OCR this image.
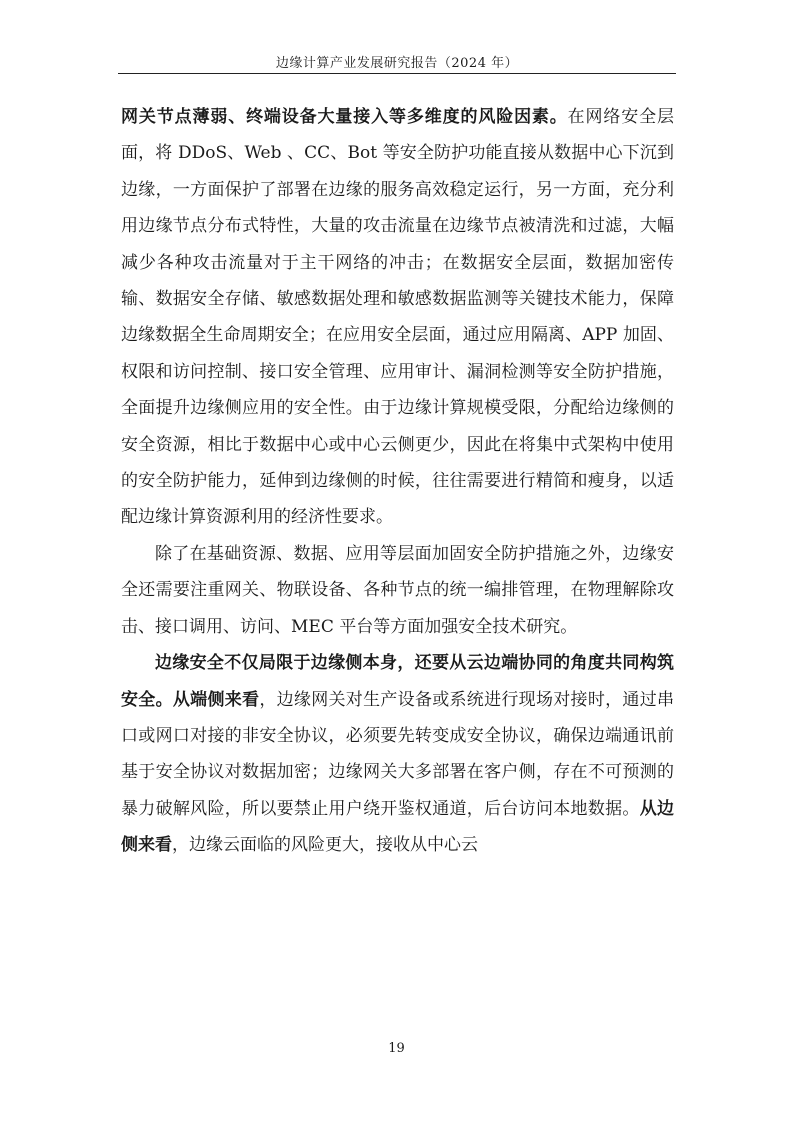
边缘计算产业发展研究报告（2024 年）

网关节点薄弱、终端设备大量接入等多维度的风险因素。在网络安全层面，将 DDoS、Web 、CC、Bot 等安全防护功能直接从数据中心下沉到边缘，一方面保护了部署在边缘的服务高效稳定运行，另一方面，充分利用边缘节点分布式特性，大量的攻击流量在边缘节点被清洗和过滤，大幅减少各种攻击流量对于主干网络的冲击；在数据安全层面，数据加密传输、数据安全存储、敏感数据处理和敏感数据监测等关键技术能力，保障边缘数据全生命周期安全；在应用安全层面，通过应用隔离、APP 加固、权限和访问控制、接口安全管理、应用审计、漏洞检测等安全防护措施，全面提升边缘侧应用的安全性。由于边缘计算规模受限，分配给边缘侧的安全资源，相比于数据中心或中心云侧更少，因此在将集中式架构中使用的安全防护能力，延伸到边缘侧的时候，往往需要进行精简和瘦身，以适配边缘计算资源利用的经济性要求。

除了在基础资源、数据、应用等层面加固安全防护措施之外，边缘安全还需要注重网关、物联设备、各种节点的统一编排管理，在物理解除攻击、接口调用、访问、MEC 平台等方面加强安全技术研究。

边缘安全不仅局限于边缘侧本身，还要从云边端协同的角度共同构筑安全。从端侧来看，边缘网关对生产设备或系统进行现场对接时，通过串口或网口对接的非安全协议，必须要先转变成安全协议，确保边端通讯前基于安全协议对数据加密；边缘网关大多部署在客户侧，存在不可预测的暴力破解风险，所以要禁止用户绕开鉴权通道，后台访问本地数据。从边侧来看，边缘云面临的风险更大，接收从中心云

19
